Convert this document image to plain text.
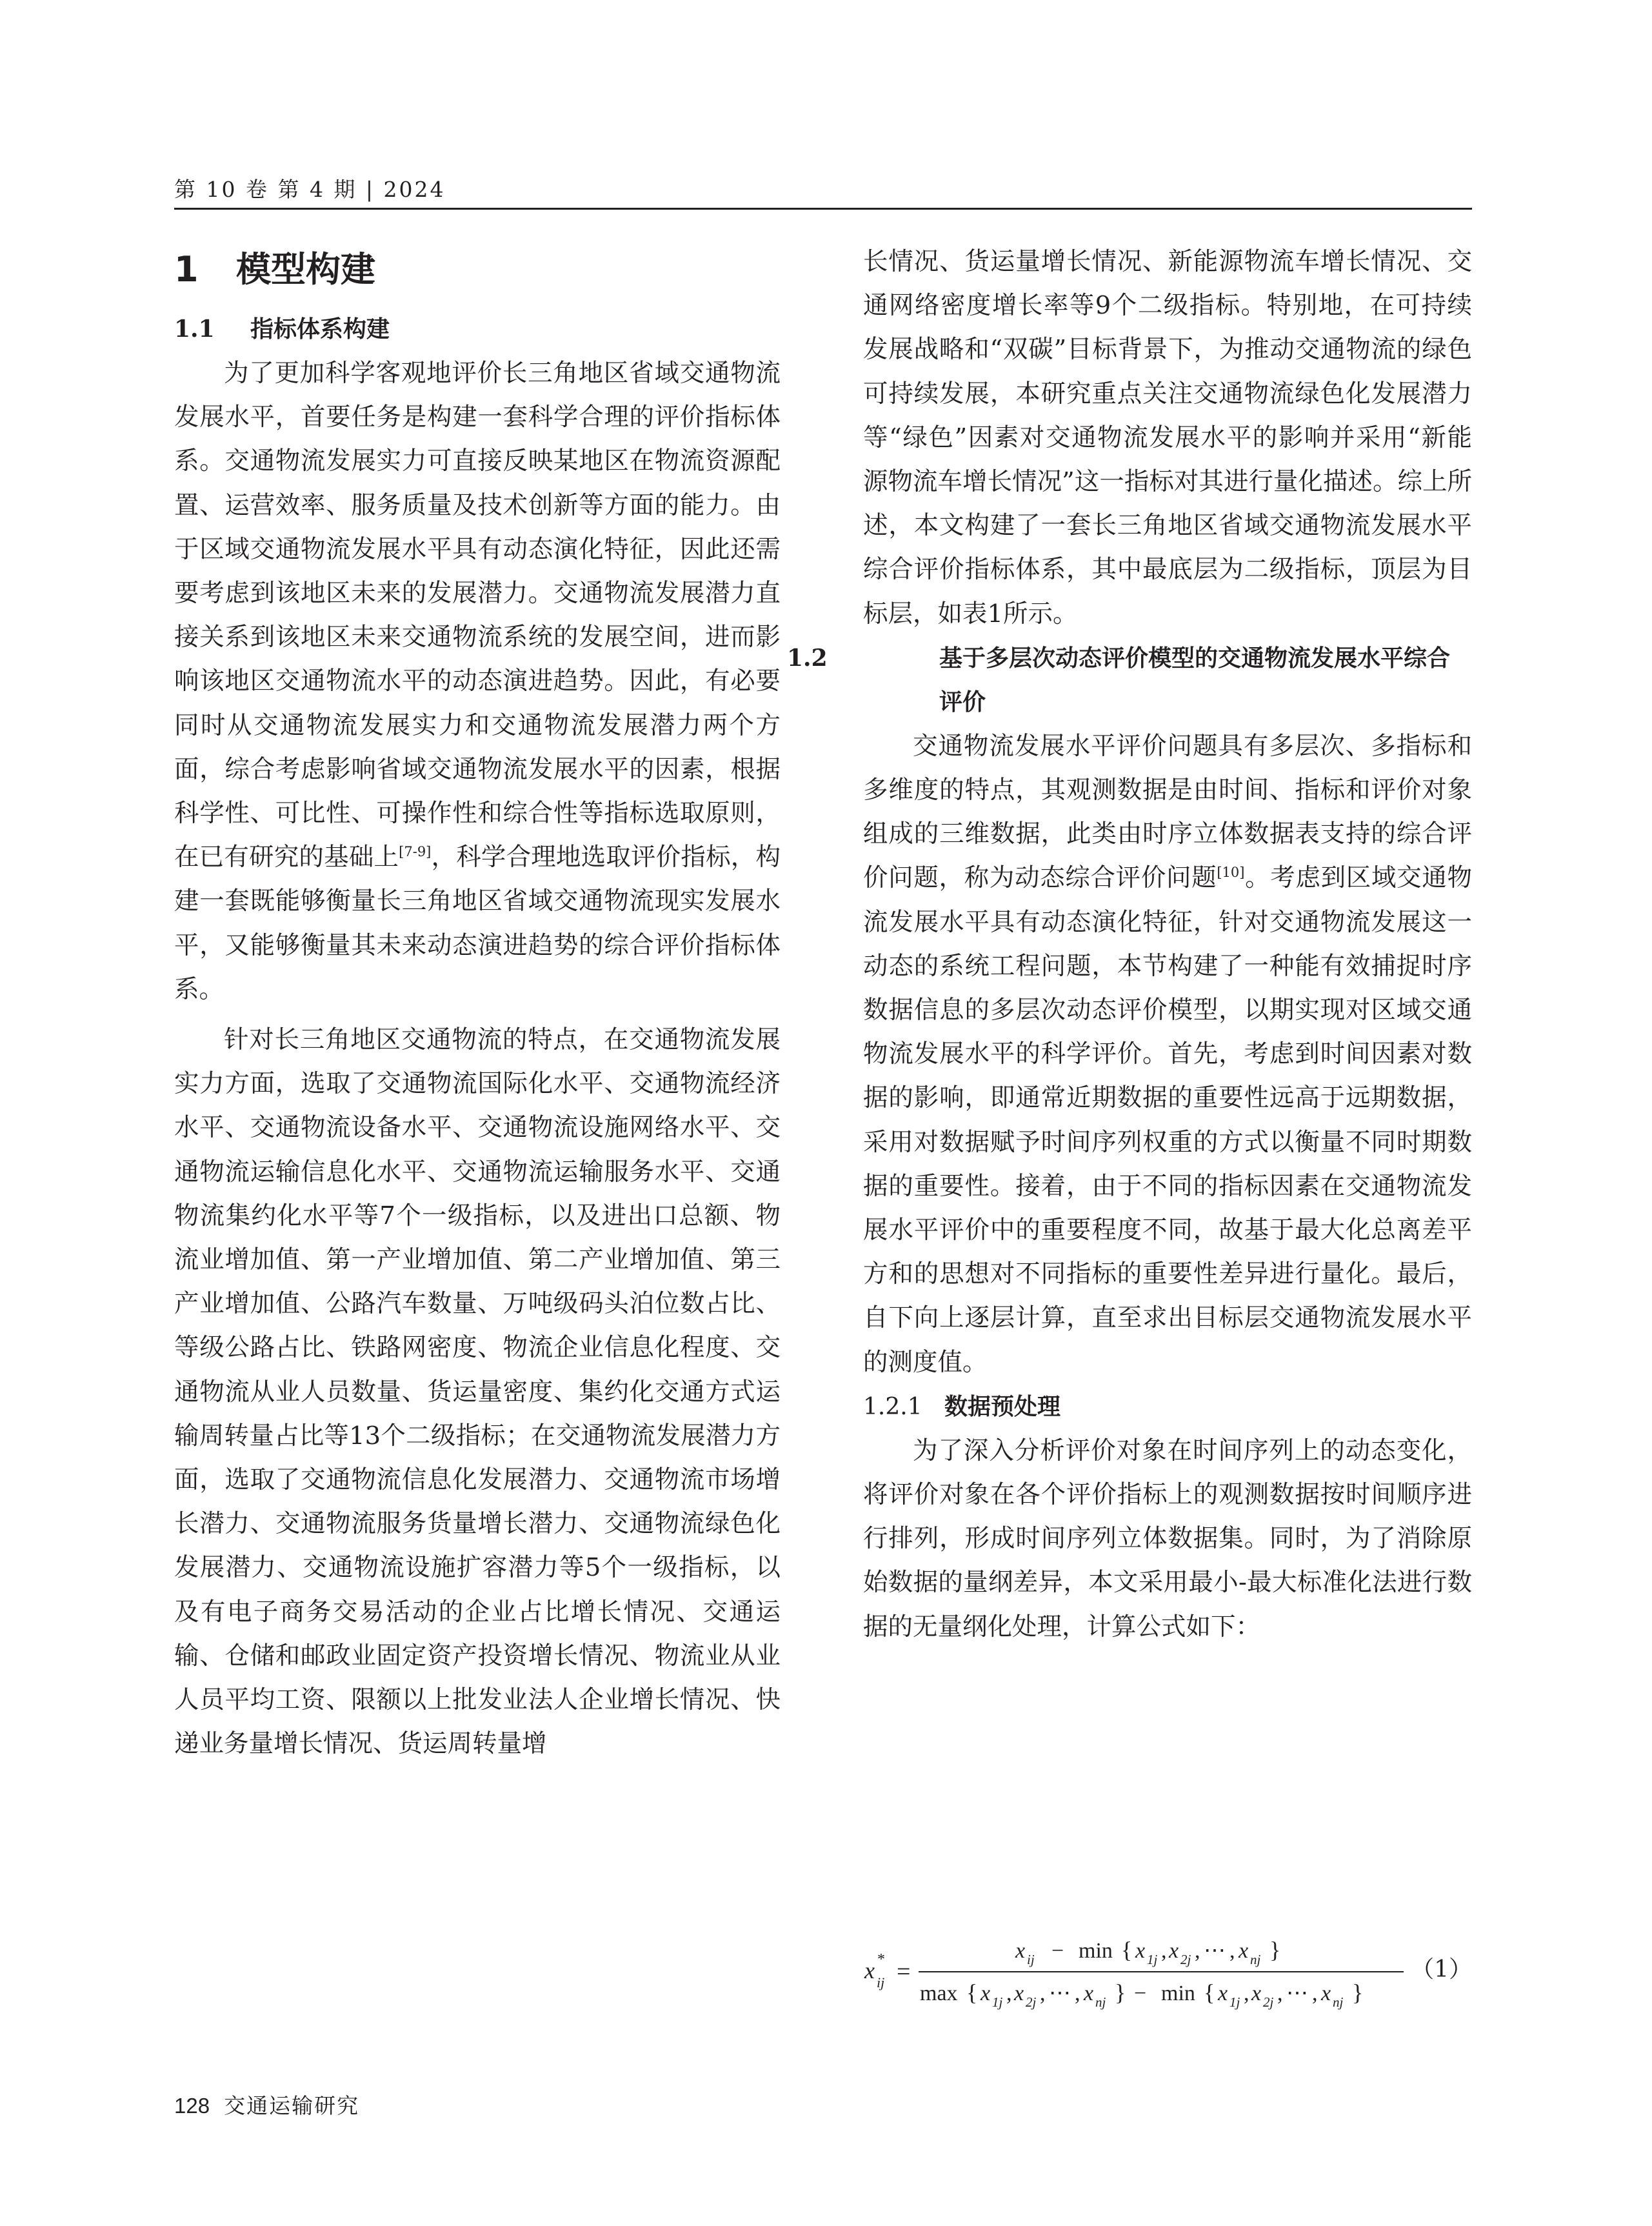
第 10 卷 第 4 期 | 2024
1 模型构建
1.1 指标体系构建

为了更加科学客观地评价长三角地区省域交通物流发展水平，首要任务是构建一套科学合理的评价指标体系。交通物流发展实力可直接反映某地区在物流资源配置、运营效率、服务质量及技术创新等方面的能力。由于区域交通物流发展水平具有动态演化特征，因此还需要考虑到该地区未来的发展潜力。交通物流发展潜力直接关系到该地区未来交通物流系统的发展空间，进而影响该地区交通物流水平的动态演进趋势。因此，有必要同时从交通物流发展实力和交通物流发展潜力两个方面，综合考虑影响省域交通物流发展水平的因素，根据科学性、可比性、可操作性和综合性等指标选取原则，在已有研究的基础上[7-9]，科学合理地选取评价指标，构建一套既能够衡量长三角地区省域交通物流现实发展水平，又能够衡量其未来动态演进趋势的综合评价指标体系。

针对长三角地区交通物流的特点，在交通物流发展实力方面，选取了交通物流国际化水平、交通物流经济水平、交通物流设备水平、交通物流设施网络水平、交通物流运输信息化水平、交通物流运输服务水平、交通物流集约化水平等7个一级指标，以及进出口总额、物流业增加值、第一产业增加值、第二产业增加值、第三产业增加值、公路汽车数量、万吨级码头泊位数占比、等级公路占比、铁路网密度、物流企业信息化程度、交通物流从业人员数量、货运量密度、集约化交通方式运输周转量占比等13个二级指标；在交通物流发展潜力方面，选取了交通物流信息化发展潜力、交通物流市场增长潜力、交通物流服务货量增长潜力、交通物流绿色化发展潜力、交通物流设施扩容潜力等5个一级指标，以及有电子商务交易活动的企业占比增长情况、交通运输、仓储和邮政业固定资产投资增长情况、物流业从业人员平均工资、限额以上批发业法人企业增长情况、快递业务量增长情况、货运周转量增

长情况、货运量增长情况、新能源物流车增长情况、交通网络密度增长率等9个二级指标。特别地，在可持续发展战略和“双碳”目标背景下，为推动交通物流的绿色可持续发展，本研究重点关注交通物流绿色化发展潜力等“绿色”因素对交通物流发展水平的影响并采用“新能源物流车增长情况”这一指标对其进行量化描述。综上所述，本文构建了一套长三角地区省域交通物流发展水平综合评价指标体系，其中最底层为二级指标，顶层为目标层，如表1所示。

1.2	基于多层次动态评价模型的交通物流发展水平综合评价

交通物流发展水平评价问题具有多层次、多指标和多维度的特点，其观测数据是由时间、指标和评价对象组成的三维数据，此类由时序立体数据表支持的综合评价问题，称为动态综合评价问题[10]。考虑到区域交通物流发展水平具有动态演化特征，针对交通物流发展这一动态的系统工程问题，本节构建了一种能有效捕捉时序数据信息的多层次动态评价模型，以期实现对区域交通物流发展水平的科学评价。首先，考虑到时间因素对数据的影响，即通常近期数据的重要性远高于远期数据，采用对数据赋予时间序列权重的方式以衡量不同时期数据的重要性。接着，由于不同的指标因素在交通物流发展水平评价中的重要程度不同，故基于最大化总离差平方和的思想对不同指标的重要性差异进行量化。最后，自下向上逐层计算，直至求出目标层交通物流发展水平的测度值。

1.2.1 数据预处理

为了深入分析评价对象在时间序列上的动态变化，将评价对象在各个评价指标上的观测数据按时间顺序进行排列，形成时间序列立体数据集。同时，为了消除原始数据的量纲差异，本文采用最小-最大标准化法进行数据的无量纲化处理，计算公式如下：

x ij
* =
x ij − min { x 1j , x 2j , ⋯ , x nj }
max { x 1j , x 2j , ⋯ , x nj } − min { x 1j , x 2j , ⋯ , x nj }
（1）
128 交通运输研究
